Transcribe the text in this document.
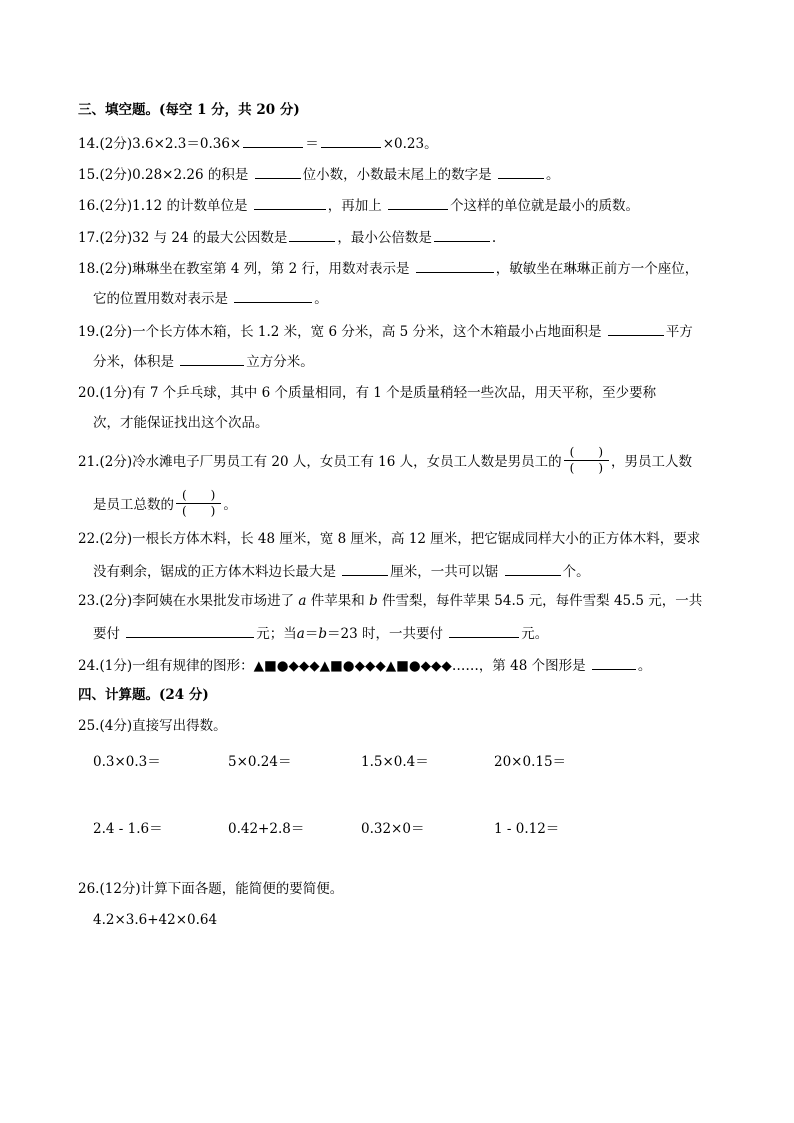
三、填空题。(每空 1 分，共 20 分)
14.(2分)3.6×2.3＝0.36×	＝	×0.23。
15.(2分)0.28×2.26 的积是	位小数，小数最末尾上的数字是	。
16.(2分)1.12 的计数单位是	，再加上	个这样的单位就是最小的质数。
17.(2分)32 与 24 的最大公因数是	，最小公倍数是	.
18.(2分)琳琳坐在教室第 4 列，第 2 行，用数对表示是	，敏敏坐在琳琳正前方一个座位，
它的位置用数对表示是	。
19.(2分)一个长方体木箱，长 1.2 米，宽 6 分米，高 5 分米，这个木箱最小占地面积是	平方
分米，体积是	立方分米。
20.(1分)有 7 个乒乓球，其中 6 个质量相同，有 1 个是质量稍轻一些次品，用天平称，至少要称
次，才能保证找出这个次品。
21.(2分)冷水滩电子厂男员工有 20 人，女员工有 16 人，女员工人数是男员工的 $\frac{( )}{( )}$ ，男员工人数
是员工总数的 $\frac{( )}{( )}$ 。
22.(2分)一根长方体木料，长 48 厘米，宽 8 厘米，高 12 厘米，把它锯成同样大小的正方体木料，要求
没有剩余，锯成的正方体木料边长最大是	厘米，一共可以锯	个。
23.(2分)李阿姨在水果批发市场进了 a 件苹果和 b 件雪梨，每件苹果 54.5 元，每件雪梨 45.5 元，一共
要付	元；当a＝b＝23 时，一共要付	元。
24.(1分)一组有规律的图形：▲■●◆◆◆▲■●◆◆◆▲■●◆◆◆……，第 48 个图形是	。
四、计算题。(24 分)
25.(4分)直接写出得数。
0.3×0.3＝	5×0.24＝	1.5×0.4＝	20×0.15＝
2.4 - 1.6＝	0.42+2.8＝	0.32×0＝	1 - 0.12＝
26.(12分)计算下面各题，能简便的要简便。
4.2×3.6+42×0.64
